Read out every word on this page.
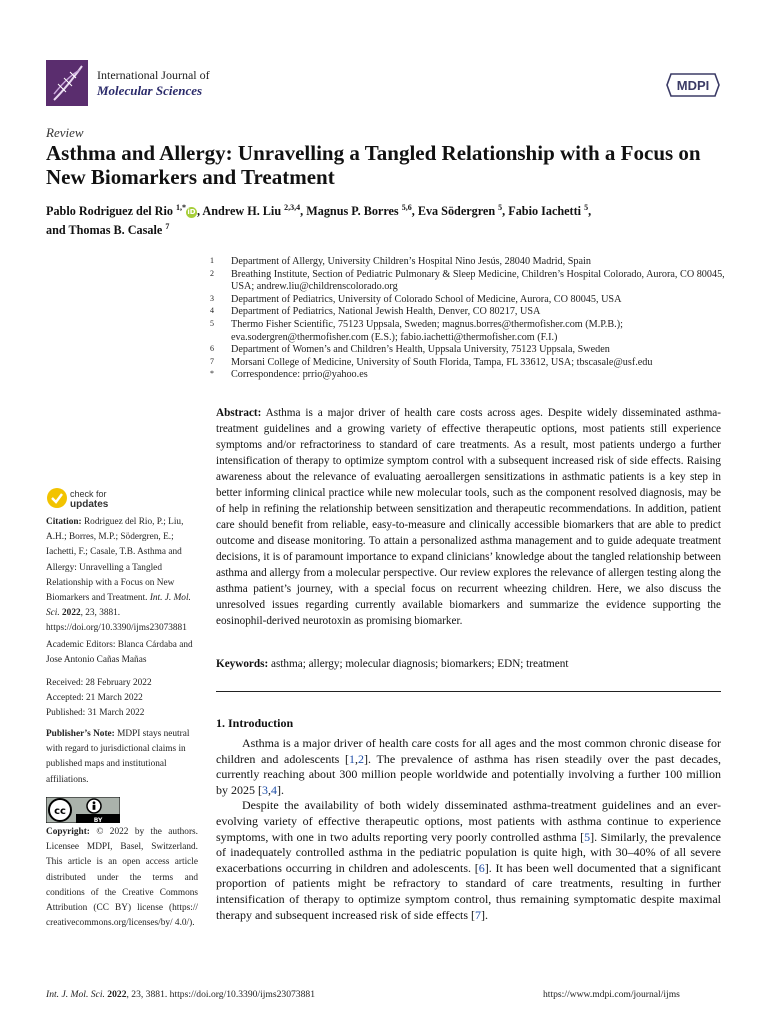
International Journal of
Molecular Sciences	MDPI
Review
Asthma and Allergy: Unravelling a Tangled Relationship with a Focus on New Biomarkers and Treatment
Pablo Rodriguez del Rio $^{1,*}$iD, Andrew H. Liu $^{2,3,4}$, Magnus P. Borres $^{5,6}$, Eva Södergren $^5$, Fabio Iachetti $^5$,
and Thomas B. Casale $^7$
1	Department of Allergy, University Children’s Hospital Nino Jesús, 28040 Madrid, Spain
2	Breathing Institute, Section of Pediatric Pulmonary & Sleep Medicine, Children’s Hospital Colorado, Aurora, CO 80045, USA; andrew.liu@childrenscolorado.org
3	Department of Pediatrics, University of Colorado School of Medicine, Aurora, CO 80045, USA
4	Department of Pediatrics, National Jewish Health, Denver, CO 80217, USA
5	Thermo Fisher Scientific, 75123 Uppsala, Sweden; magnus.borres@thermofisher.com (M.P.B.); eva.sodergren@thermofisher.com (E.S.); fabio.iachetti@thermofisher.com (F.I.)
6	Department of Women’s and Children’s Health, Uppsala University, 75123 Uppsala, Sweden
7	Morsani College of Medicine, University of South Florida, Tampa, FL 33612, USA; tbscasale@usf.edu
*	Correspondence: prrio@yahoo.es
check for
updates
Citation: Rodriguez del Rio, P.; Liu, A.H.; Borres, M.P.; Södergren, E.; Iachetti, F.; Casale, T.B. Asthma and Allergy: Unravelling a Tangled Relationship with a Focus on New Biomarkers and Treatment. Int. J. Mol. Sci. 2022, 23, 3881. https://doi.org/10.3390/ijms23073881
Academic Editors: Blanca Cárdaba and Jose Antonio Cañas Mañas
Received: 28 February 2022
Accepted: 21 March 2022
Published: 31 March 2022
Publisher’s Note: MDPI stays neutral with regard to jurisdictional claims in published maps and institutional affiliations.
cc
BY
Copyright: © 2022 by the authors. Licensee MDPI, Basel, Switzerland. This article is an open access article distributed under the terms and conditions of the Creative Commons Attribution (CC BY) license (https:// creativecommons.org/licenses/by/ 4.0/).
Abstract: Asthma is a major driver of health care costs across ages. Despite widely disseminated asthma-treatment guidelines and a growing variety of effective therapeutic options, most patients still experience symptoms and/or refractoriness to standard of care treatments. As a result, most patients undergo a further intensification of therapy to optimize symptom control with a subsequent increased risk of side effects. Raising awareness about the relevance of evaluating aeroallergen sensitizations in asthmatic patients is a key step in better informing clinical practice while new molecular tools, such as the component resolved diagnosis, may be of help in refining the relationship between sensitization and therapeutic recommendations. In addition, patient care should benefit from reliable, easy-to-measure and clinically accessible biomarkers that are able to predict outcome and disease monitoring. To attain a personalized asthma management and to guide adequate treatment decisions, it is of paramount importance to expand clinicians’ knowledge about the tangled relationship between asthma and allergy from a molecular perspective. Our review explores the relevance of allergen testing along the asthma patient’s journey, with a special focus on recurrent wheezing children. Here, we also discuss the unresolved issues regarding currently available biomarkers and summarize the evidence supporting the eosinophil-derived neurotoxin as promising biomarker.
Keywords: asthma; allergy; molecular diagnosis; biomarkers; EDN; treatment
1. Introduction

Asthma is a major driver of health care costs for all ages and the most common chronic disease for children and adolescents [1,2]. The prevalence of asthma has risen steadily over the past decades, currently reaching about 300 million people worldwide and potentially involving a further 100 million by 2025 [3,4].

Despite the availability of both widely disseminated asthma-treatment guidelines and an ever-evolving variety of effective therapeutic options, most patients with asthma continue to experience symptoms, with one in two adults reporting very poorly controlled asthma [5]. Similarly, the prevalence of inadequately controlled asthma in the pediatric population is quite high, with 30–40% of all severe exacerbations occurring in children and adolescents. [6]. It has been well documented that a significant proportion of patients might be refractory to standard of care treatments, resulting in further intensification of therapy to optimize symptom control, thus remaining symptomatic despite maximal therapy and subsequent increased risk of side effects [7].

Int. J. Mol. Sci. 2022, 23, 3881. https://doi.org/10.3390/ijms23073881	https://www.mdpi.com/journal/ijms
